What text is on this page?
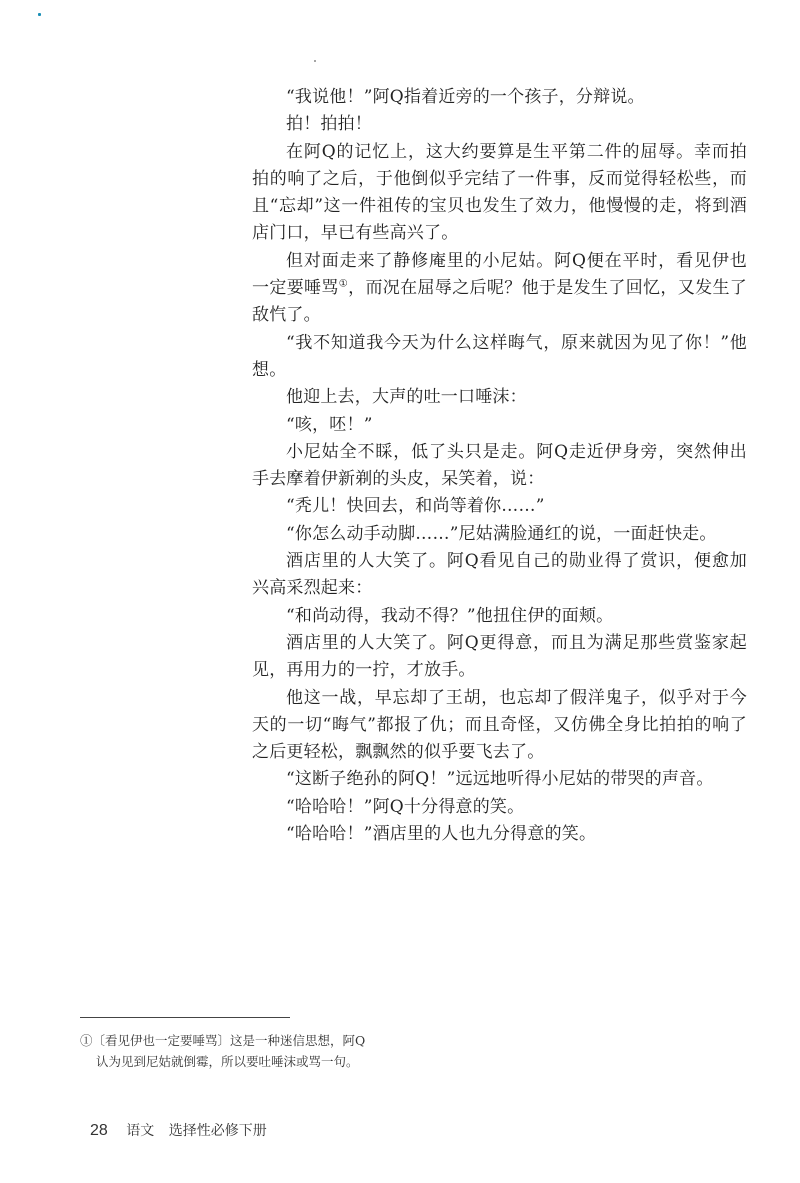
“我说他！”阿Q指着近旁的一个孩子，分辩说。

拍！拍拍！

在阿Q的记忆上，这大约要算是生平第二件的屈辱。幸而拍拍的响了之后，于他倒似乎完结了一件事，反而觉得轻松些，而且“忘却”这一件祖传的宝贝也发生了效力，他慢慢的走，将到酒店门口，早已有些高兴了。

但对面走来了静修庵里的小尼姑。阿Q便在平时，看见伊也一定要唾骂①，而况在屈辱之后呢？他于是发生了回忆，又发生了敌忾了。

“我不知道我今天为什么这样晦气，原来就因为见了你！”他想。

他迎上去，大声的吐一口唾沫：

“咳，呸！”

小尼姑全不睬，低了头只是走。阿Q走近伊身旁，突然伸出手去摩着伊新剃的头皮，呆笑着，说：

“秃儿！快回去，和尚等着你……”

“你怎么动手动脚……”尼姑满脸通红的说，一面赶快走。

酒店里的人大笑了。阿Q看见自己的勋业得了赏识，便愈加兴高采烈起来：

“和尚动得，我动不得？”他扭住伊的面颊。

酒店里的人大笑了。阿Q更得意，而且为满足那些赏鉴家起见，再用力的一拧，才放手。

他这一战，早忘却了王胡，也忘却了假洋鬼子，似乎对于今天的一切“晦气”都报了仇；而且奇怪，又仿佛全身比拍拍的响了之后更轻松，飘飘然的似乎要飞去了。

“这断子绝孙的阿Q！”远远地听得小尼姑的带哭的声音。

“哈哈哈！”阿Q十分得意的笑。

“哈哈哈！”酒店里的人也九分得意的笑。

①〔看见伊也一定要唾骂〕这是一种迷信思想，阿Q
认为见到尼姑就倒霉，所以要吐唾沫或骂一句。
28 语文 选择性必修下册
